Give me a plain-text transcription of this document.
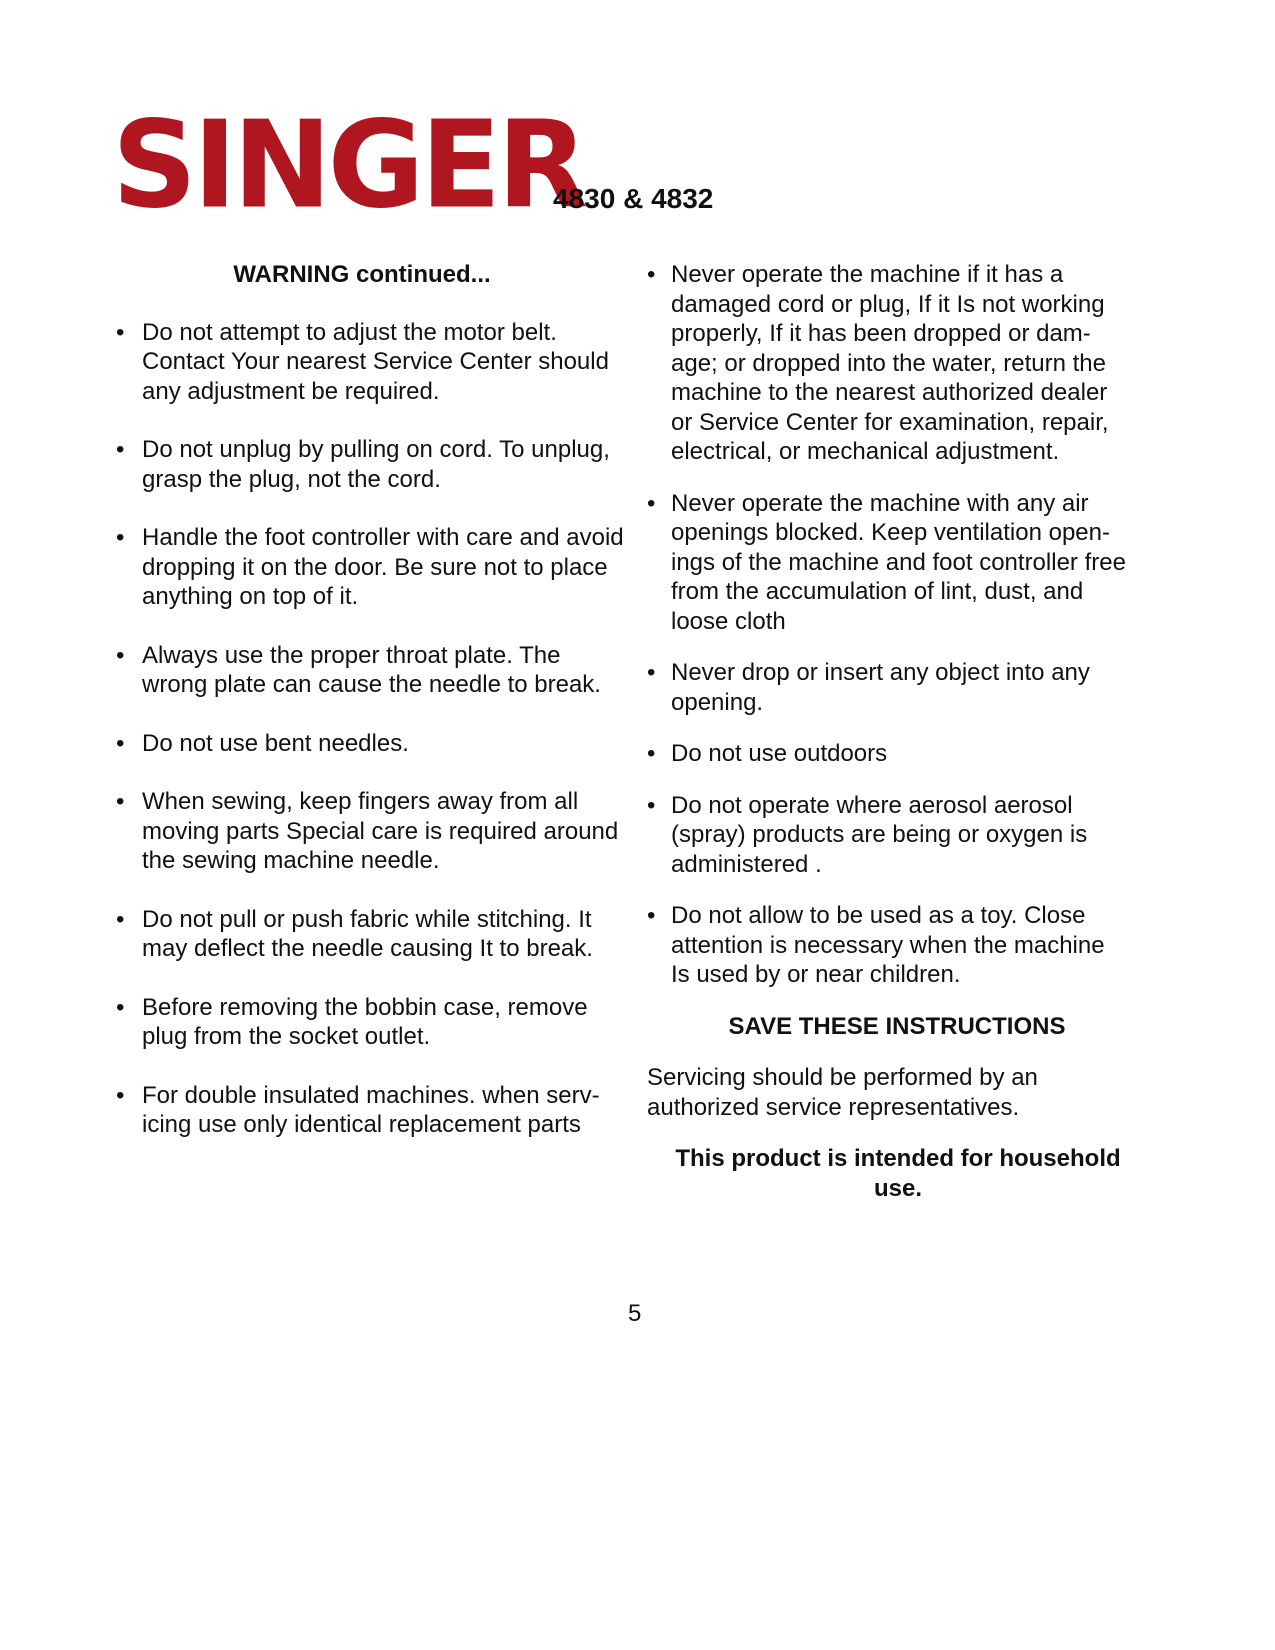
SINGER
4830 & 4832
WARNING continued...
• Do not attempt to adjust the motor belt. Contact Your nearest Service Center should any adjustment be required.
• Do not unplug by pulling on cord. To unplug, grasp the plug, not the cord.
• Handle the foot controller with care and avoid dropping it on the door. Be sure not to place anything on top of it.
• Always use the proper throat plate. The wrong plate can cause the needle to break.
• Do not use bent needles.
• When sewing, keep fingers away from all moving parts Special care is required around the sewing machine needle.
• Do not pull or push fabric while stitching. It may deflect the needle causing It to break.
• Before removing the bobbin case, remove plug from the socket outlet.
• For double insulated machines. when serv-icing use only identical replacement parts
• Never operate the machine if it has a damaged cord or plug, If it Is not working properly, If it has been dropped or dam-age; or dropped into the water, return the machine to the nearest authorized dealer or Service Center for examination, repair, electrical, or mechanical adjustment.
• Never operate the machine with any air openings blocked. Keep ventilation open-ings of the machine and foot controller free from the accumulation of lint, dust, and loose cloth
• Never drop or insert any object into any opening.
• Do not use outdoors
• Do not operate where aerosol aerosol (spray) products are being or oxygen is administered .
• Do not allow to be used as a toy. Close attention is necessary when the machine Is used by or near children.
SAVE THESE INSTRUCTIONS
Servicing should be performed by an authorized service representatives.
This product is intended for household use.
5
